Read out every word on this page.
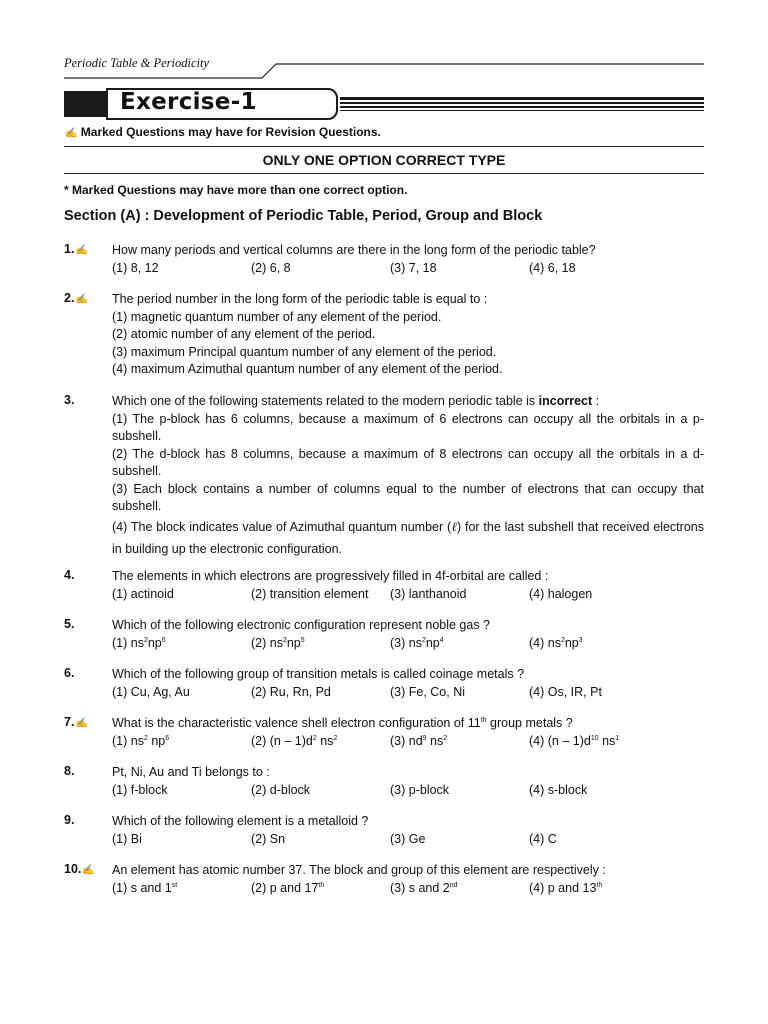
Periodic Table & Periodicity
Exercise-1
✍ Marked Questions may have for Revision Questions.
ONLY ONE OPTION CORRECT TYPE
* Marked Questions may have more than one correct option.
Section (A) : Development of Periodic Table, Period, Group and Block
1.✍ How many periods and vertical columns are there in the long form of the periodic table?
(1) 8, 12	(2) 6, 8	(3) 7, 18	(4) 6, 18
2.✍ The period number in the long form of the periodic table is equal to :
(1) magnetic quantum number of any element of the period.
(2) atomic number of any element of the period.
(3) maximum Principal quantum number of any element of the period.
(4) maximum Azimuthal quantum number of any element of the period.
3.	Which one of the following statements related to the modern periodic table is incorrect :
(1) The p-block has 6 columns, because a maximum of 6 electrons can occupy all the orbitals in a p-subshell.
(2) The d-block has 8 columns, because a maximum of 8 electrons can occupy all the orbitals in a d-subshell.
(3) Each block contains a number of columns equal to the number of electrons that can occupy that subshell.
(4) The block indicates value of Azimuthal quantum number (ℓ) for the last subshell that received electrons in building up the electronic configuration.
4.	The elements in which electrons are progressively filled in 4f-orbital are called :
(1) actinoid	(2) transition element	(3) lanthanoid	(4) halogen
5.	Which of the following electronic configuration represent noble gas ?
(1) $ns^2np^6$	(2) $ns^2np^5$	(3) $ns^2np^4$	(4) $ns^2np^3$
6.	Which of the following group of transition metals is called coinage metals ?
(1) Cu, Ag, Au	(2) Ru, Rn, Pd	(3) Fe, Co, Ni	(4) Os, IR, Pt
7.✍ What is the characteristic valence shell electron configuration of 11th group metals ?
(1) $ns^2$ $np^6$	(2) $(n - 1)d^2$ $ns^2$	(3) $nd^9$ $ns^2$	(4) $(n - 1)d^{10}$ $ns^1$
8.	Pt, Ni, Au and Ti belongs to :
(1) f-block	(2) d-block	(3) p-block	(4) s-block
9.	Which of the following element is a metalloid ?
(1) Bi	(2) Sn	(3) Ge	(4) C
10.✍ An element has atomic number 37. The block and group of this element are respectively :
(1) s and 1st	(2) p and 17th	(3) s and 2nd	(4) p and 13th
